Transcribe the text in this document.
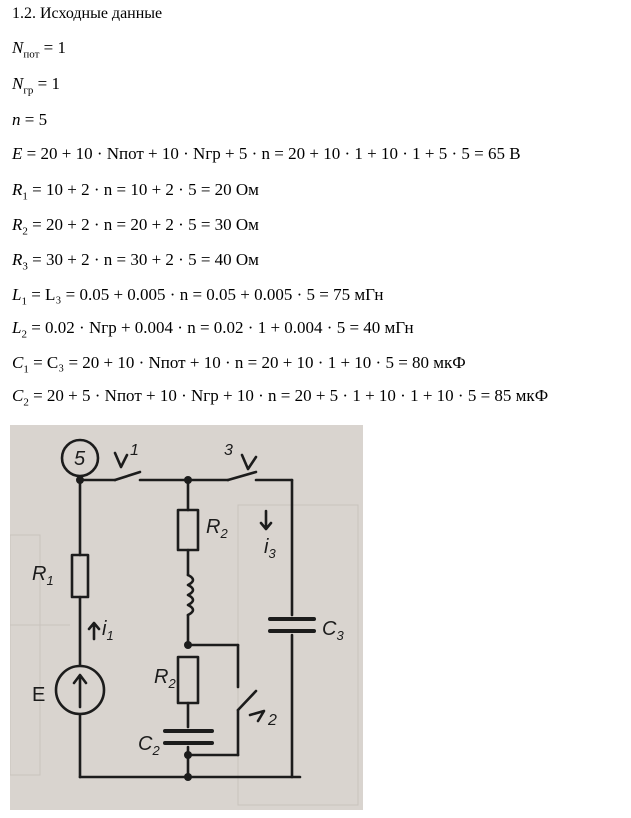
1.2. Исходные данные
$N_{пот} = 1$
$N_{гр} = 1$
n = 5
E = 20 + 10 · Nпот + 10 · Nгр + 5 · n = 20 + 10 · 1 + 10 · 1 + 5 · 5 = 65 В
$R_1 = 10 + 2 \cdot n = 10 + 2 \cdot 5 = 20$ Ом
$R_2 = 20 + 2 \cdot n = 20 + 2 \cdot 5 = 30$ Ом
$R_3 = 30 + 2 \cdot n = 30 + 2 \cdot 5 = 40$ Ом
$L_1 = L_3 = 0.05 + 0.005 \cdot n = 0.05 + 0.005 \cdot 5 = 75$ мГн
$L_2 = 0.02$ · Nгр + 0.004 · n = 0.02 · 1 + 0.004 · 5 = 40 мГн
$C_1 = C_3 = 20 + 10$ · Nпот + 10 · n = 20 + 10 · 1 + 10 · 5 = 80 мкФ
$C_2 = 20 + 5$ · Nпот + 10 · Nгр + 10 · n = 20 + 5 · 1 + 10 · 1 + 10 · 5 = 85 мкФ
5	1	3
2
$R_1$
$R_2$
$R_2$
$C_2$
$C_3$
E
$i_1$
$i_3$
